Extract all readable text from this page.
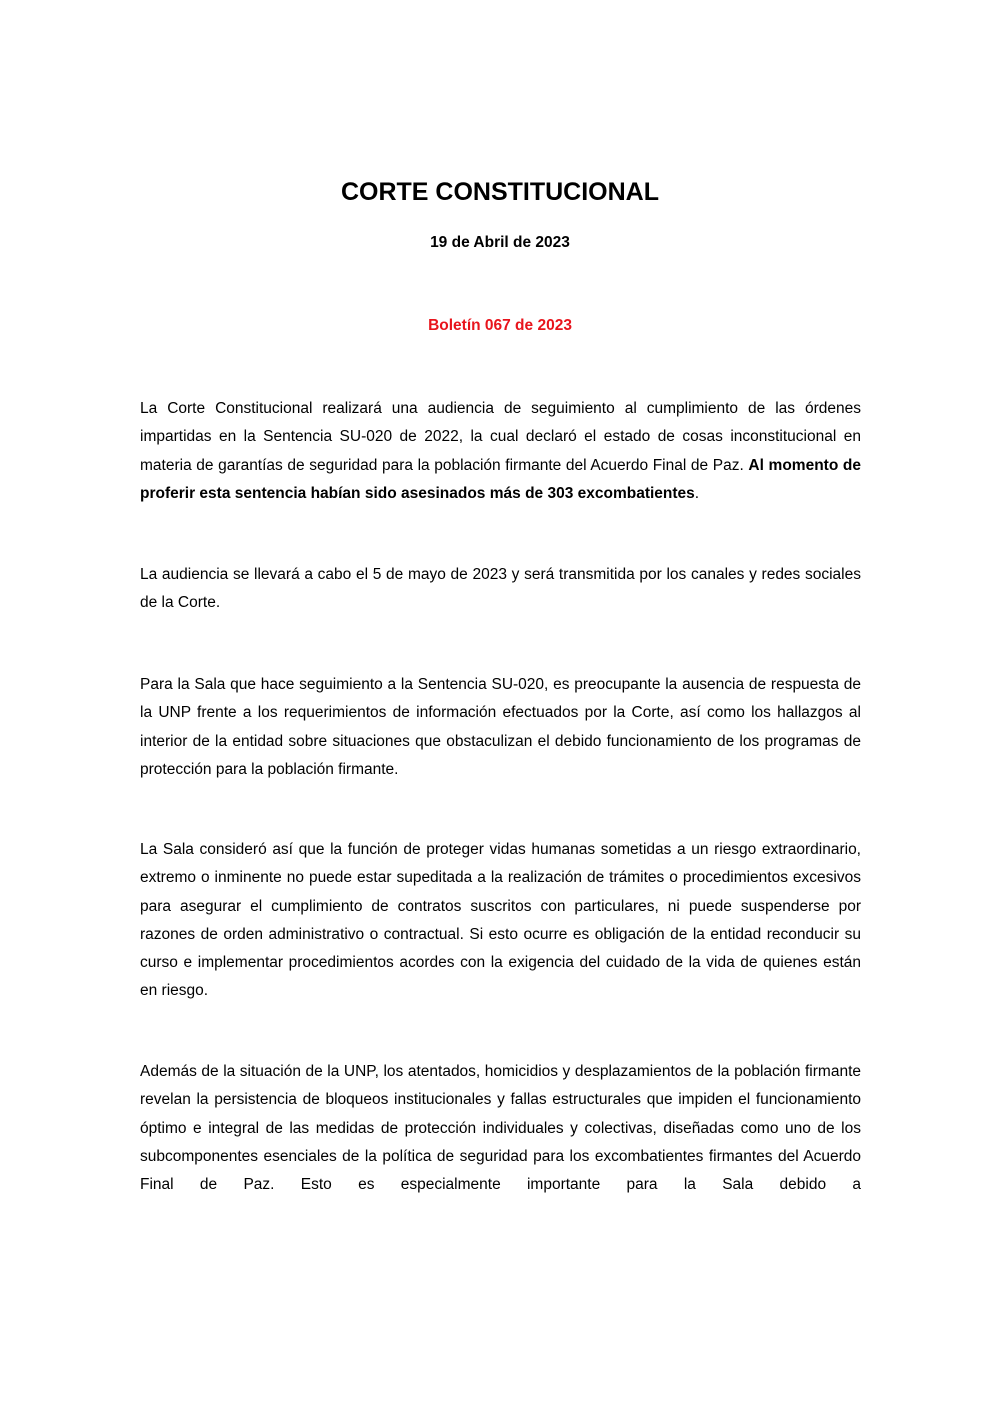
CORTE CONSTITUCIONAL
19 de Abril de 2023
Boletín 067 de 2023

La Corte Constitucional realizará una audiencia de seguimiento al cumplimiento de las órdenes impartidas en la Sentencia SU-020 de 2022, la cual declaró el estado de cosas inconstitucional en materia de garantías de seguridad para la población firmante del Acuerdo Final de Paz. Al momento de proferir esta sentencia habían sido asesinados más de 303 excombatientes.

La audiencia se llevará a cabo el 5 de mayo de 2023 y será transmitida por los canales y redes sociales de la Corte.

Para la Sala que hace seguimiento a la Sentencia SU-020, es preocupante la ausencia de respuesta de la UNP frente a los requerimientos de información efectuados por la Corte, así como los hallazgos al interior de la entidad sobre situaciones que obstaculizan el debido funcionamiento de los programas de protección para la población firmante.

La Sala consideró así que la función de proteger vidas humanas sometidas a un riesgo extraordinario, extremo o inminente no puede estar supeditada a la realización de trámites o procedimientos excesivos para asegurar el cumplimiento de contratos suscritos con particulares, ni puede suspenderse por razones de orden administrativo o contractual. Si esto ocurre es obligación de la entidad reconducir su curso e implementar procedimientos acordes con la exigencia del cuidado de la vida de quienes están en riesgo.

Además de la situación de la UNP, los atentados, homicidios y desplazamientos de la población firmante revelan la persistencia de bloqueos institucionales y fallas estructurales que impiden el funcionamiento óptimo e integral de las medidas de protección individuales y colectivas, diseñadas como uno de los subcomponentes esenciales de la política de seguridad para los excombatientes firmantes del Acuerdo Final de Paz. Esto es especialmente importante para la Sala debido a
